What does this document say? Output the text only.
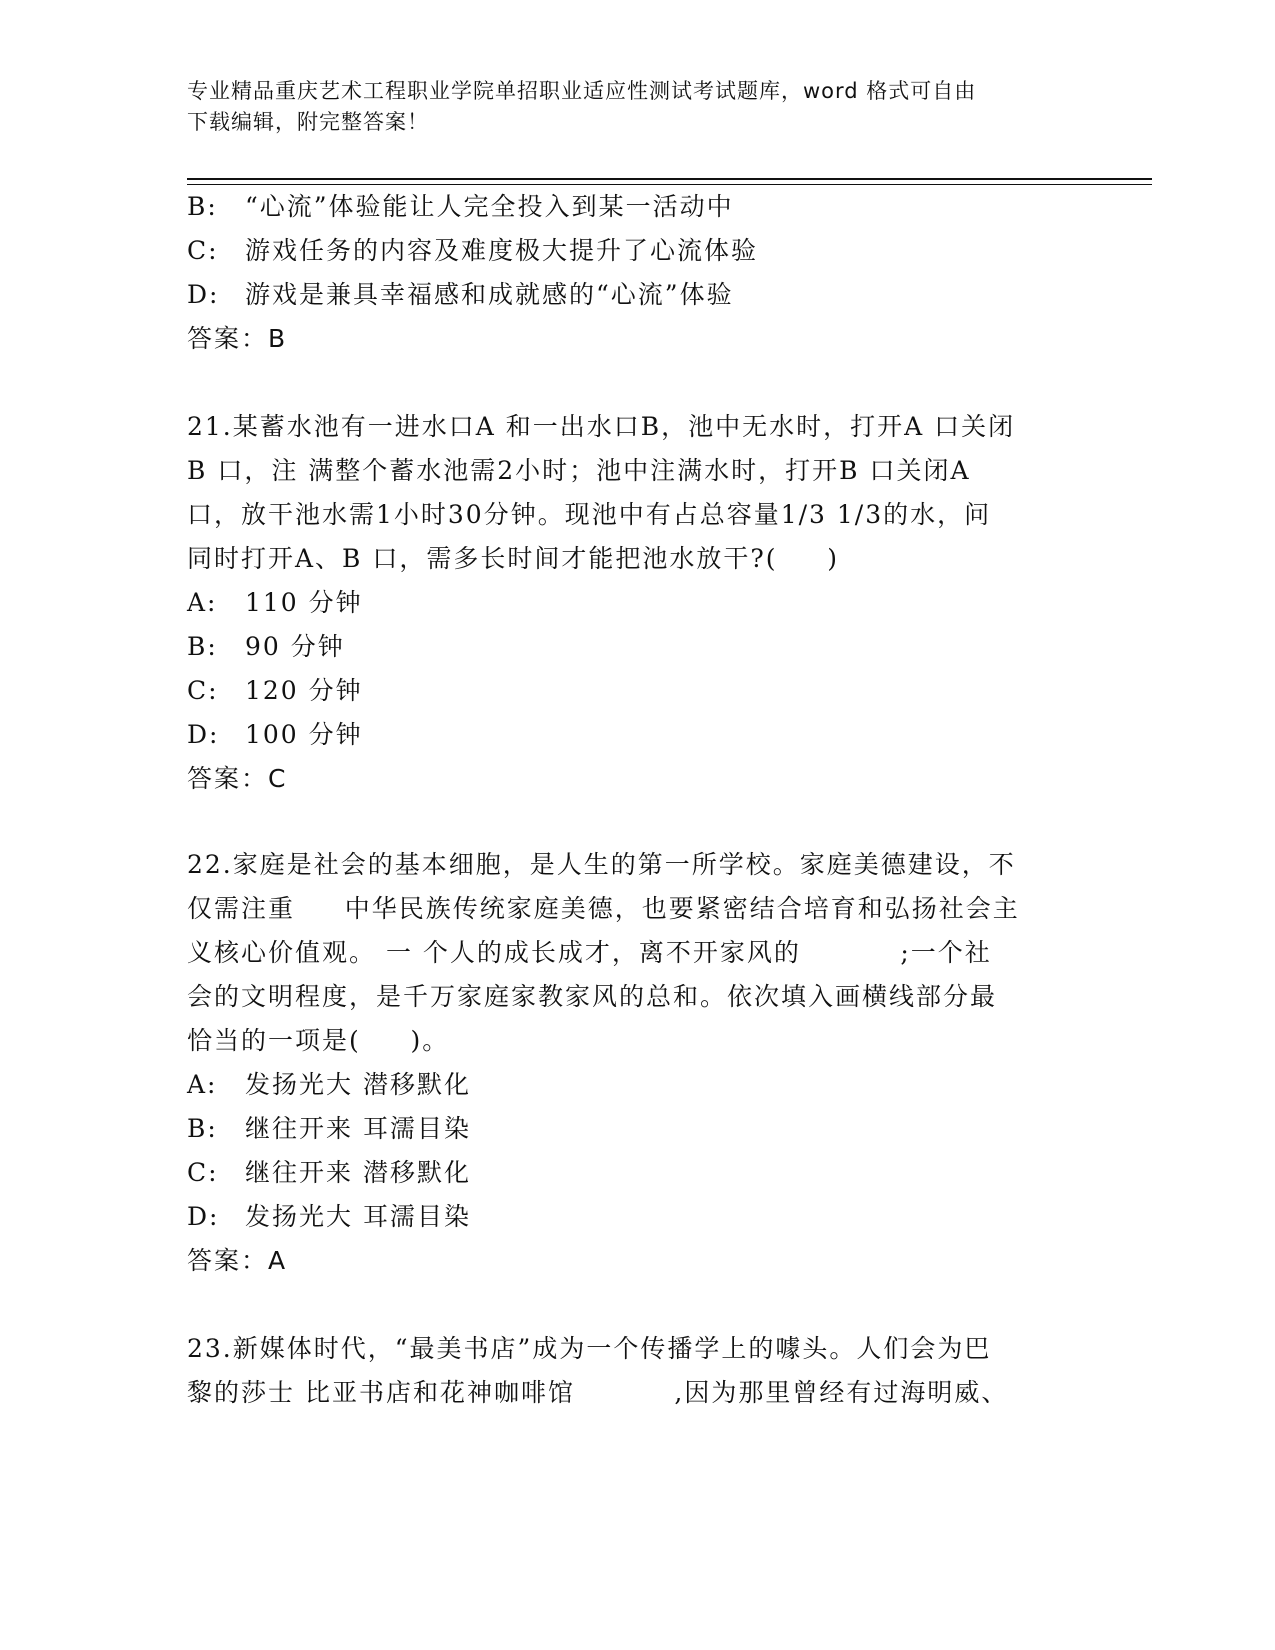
专业精品重庆艺术工程职业学院单招职业适应性测试考试题库，word 格式可自由
下载编辑，附完整答案！
B: “心流”体验能让人完全投入到某一活动中
C: 游戏任务的内容及难度极大提升了心流体验
D: 游戏是兼具幸福感和成就感的“心流”体验
答案：B
21.某蓄水池有一进水口A 和一出水口B，池中无水时，打开A 口关闭
B 口，注 满整个蓄水池需2小时；池中注满水时，打开B 口关闭A
口，放干池水需1小时30分钟。现池中有占总容量1/3 1/3的水，问
同时打开A、B 口，需多长时间才能把池水放干?(     )
A: 110 分钟
B: 90 分钟
C: 120 分钟
D: 100 分钟
答案：C
22.家庭是社会的基本细胞，是人生的第一所学校。家庭美德建设，不
仅需注重     中华民族传统家庭美德，也要紧密结合培育和弘扬社会主
义核心价值观。 一 个人的成长成才，离不开家风的          ;一个社
会的文明程度，是千万家庭家教家风的总和。依次填入画横线部分最
恰当的一项是(     )。
A: 发扬光大 潜移默化
B: 继往开来 耳濡目染
C: 继往开来 潜移默化
D: 发扬光大 耳濡目染
答案：A
23.新媒体时代，“最美书店”成为一个传播学上的噱头。人们会为巴
黎的莎士 比亚书店和花神咖啡馆          ,因为那里曾经有过海明威、
